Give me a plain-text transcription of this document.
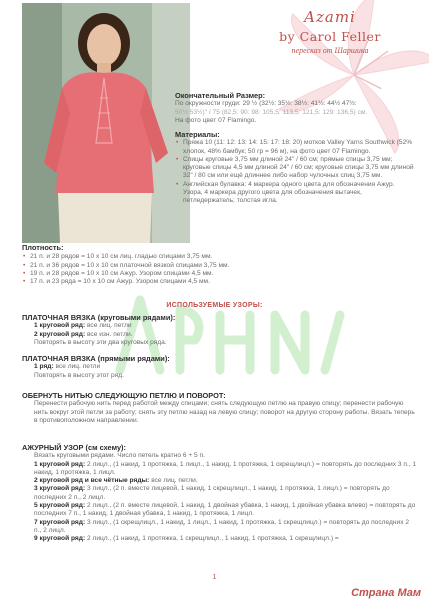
Azami
by Carol Feller
пересказ от Шаршика
Окончательный Размер:
По окружности груди: 29 ½ (32½: 35½: 38½: 41½: 44½ 47½:
50½ 53½)" / 75 (82,5: 90: 98: 105,5: 113,5: 121,5: 129: 136,5) см.
На фото цвет 07 Flamingo.
Материалы:
• Пряжа 10 (11: 12: 13: 14: 15: 17: 18: 20) мотков Valley Yarns Southwick (52% хлопок, 48% бамбук; 50 гр = 96 м), на фото цвет 07 Flamingo.
• Спицы круговые 3,75 мм длиной 24" / 60 см; прямые спицы 3,75 мм; круговые спицы 4,5 мм длиной 24" / 60 см; круговые спицы 3,75 мм длиной 32" / 80 см или ещё длиннее либо набор чулочных спиц 3,75 мм.
• Английская булавка: 4 маркера одного цвета для обозначения Ажур. Узора, 4 маркера другого цвета для обозначения вытачек, петледержатель; толстая игла.
Плотность:
• 21 п. и 28 рядов = 10 х 10 см лиц. гладью спицами 3,75 мм.
• 21 п. и 36 рядов = 10 х 10 см платочной вязкой спицами 3,75 мм.
• 19 п. и 28 рядов = 10 х 10 см Ажур. Узором спицами 4,5 мм.
• 17 п. и 23 ряда = 10 х 10 см Ажур. Узором спицами 4,5 мм.
ИСПОЛЬЗУЕМЫЕ УЗОРЫ:
ПЛАТОЧНАЯ ВЯЗКА (круговыми рядами):
1 круговой ряд: все лиц. петли
2 круговой ряд: все изн. петли.
Повторять в высоту эти два круговых ряда.
ПЛАТОЧНАЯ ВЯЗКА (прямыми рядами):
1 ряд: все лиц. петли
Повторять в высоту этот ряд.
ОБЕРНУТЬ НИТЬЮ СЛЕДУЮЩУЮ ПЕТЛЮ И ПОВОРОТ:
Перенести рабочую нить перед работой между спицами; снять следующую петлю на правую спицу; перенести рабочую нить вокруг этой петли за работу; снять эту петлю назад на левую спицу; поворот на другую сторону работы. Вязать теперь в противоположном направлении.
АЖУРНЫЙ УЗОР (см схему):
Вязать круговыми рядами. Число петель кратно 6 + 5 п.
1 круговой ряд: 2 лицл., (1 накид, 1 протяжка, 1 лицл., 1 накид, 1 протяжка, 1 скрещлицл.) = повторять до последних 3 п., 1 накид, 1 протяжка, 1 лицл.
2 круговой ряд и все чётные ряды: все лиц. петли.
3 круговой ряд: 3 лицл., (2 п. вместе лицевой, 1 накид, 1 скрещлицл., 1 накид, 1 протяжка, 1 лицл.) = повторять до последних 2 п., 2 лицл.
5 круговой ряд: 2 лицл., (2 п. вместе лицевой, 1 накид, 1 двойная убавка, 1 накид, 1 двойная убавка влево) = повторять до последних 7 п., 1 накид, 1 двойная убавка, 1 накид, 1 протяжка, 1 лицл.
7 круговой ряд: 3 лицл., (1 скрещлицл., 1 накид, 1 лицл., 1 накид, 1 протяжка, 1 скрещлицл.) = повторять до последних 2 п., 2 лицл.
9 круговой ряд: 2 лицл., (1 накид, 1 протяжка, 1 скрещлицл., 1 накид, 1 протяжка, 1 скрещлицл.) =
1
Страна Мам
